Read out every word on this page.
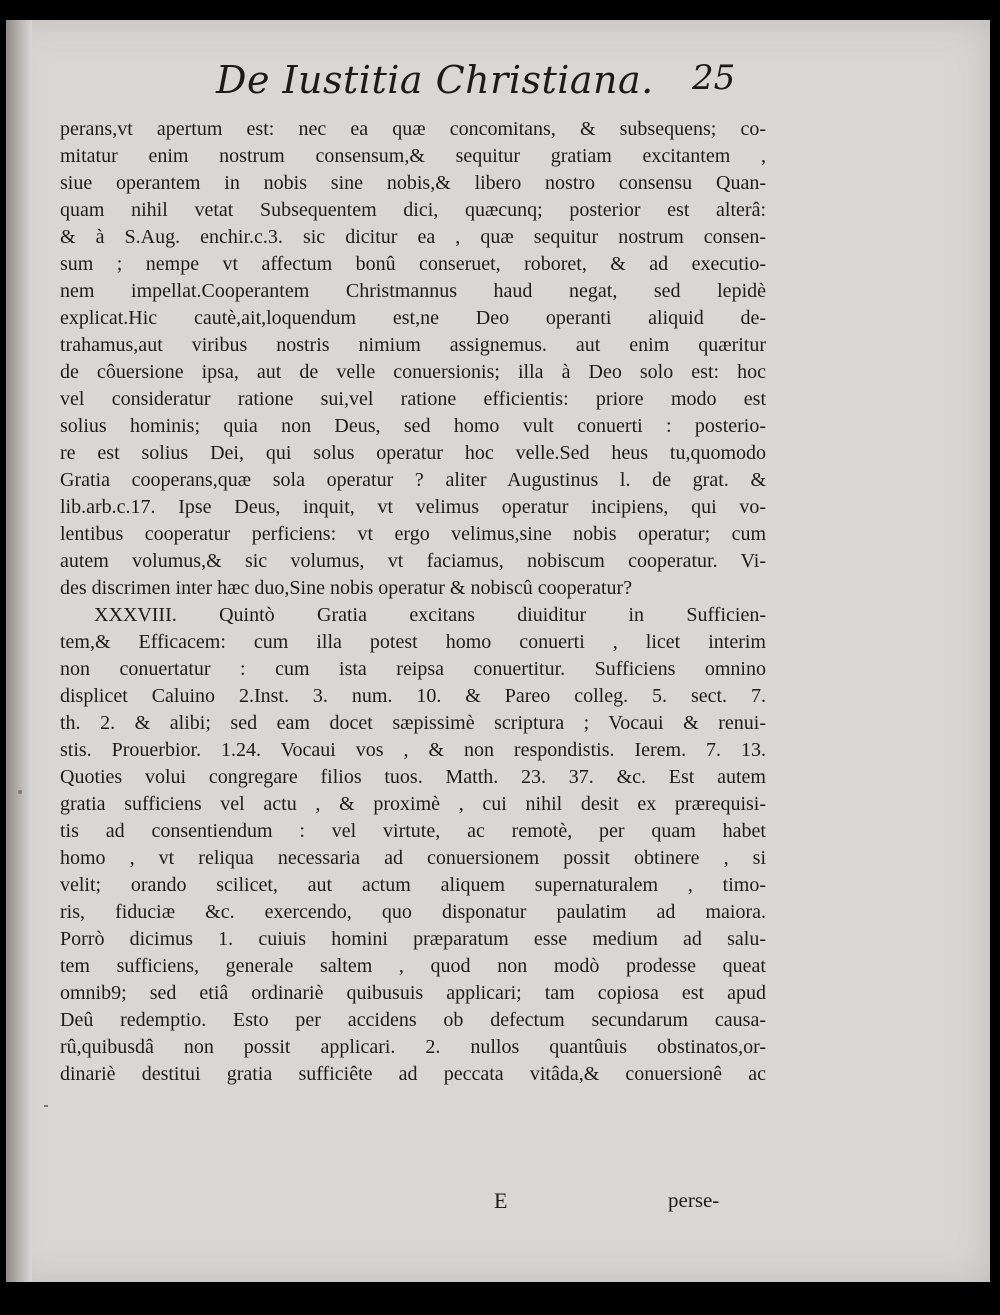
De Iustitia Christiana. 25
perans,vt apertum est: nec ea quæ concomitans, & subsequens; co-
mitatur enim nostrum consensum,& sequitur gratiam excitantem ,
siue operantem in nobis sine nobis,& libero nostro consensu Quan-
quam nihil vetat Subsequentem dici, quæcunq; posterior est alterâ:
& à S.Aug. enchir.c.3. sic dicitur ea , quæ sequitur nostrum consen-
sum ; nempe vt affectum bonû conseruet, roboret, & ad executio-
nem impellat.Cooperantem Christmannus haud negat, sed lepidè
explicat.Hic cautè,ait,loquendum est,ne Deo operanti aliquid de-
trahamus,aut viribus nostris nimium assignemus. aut enim quæritur
de côuersione ipsa, aut de velle conuersionis; illa à Deo solo est: hoc
vel consideratur ratione sui,vel ratione efficientis: priore modo est
solius hominis; quia non Deus, sed homo vult conuerti : posterio-
re est solius Dei, qui solus operatur hoc velle.Sed heus tu,quomodo
Gratia cooperans,quæ sola operatur ? aliter Augustinus l. de grat. &
lib.arb.c.17. Ipse Deus, inquit, vt velimus operatur incipiens, qui vo-
lentibus cooperatur perficiens: vt ergo velimus,sine nobis operatur; cum
autem volumus,& sic volumus, vt faciamus, nobiscum cooperatur. Vi-
des discrimen inter hæc duo,Sine nobis operatur & nobiscû cooperatur?
XXXVIII. Quintò Gratia excitans diuiditur in Sufficien-
tem,& Efficacem: cum illa potest homo conuerti , licet interim
non conuertatur : cum ista reipsa conuertitur. Sufficiens omnino
displicet Caluino 2.Inst. 3. num. 10. & Pareo colleg. 5. sect. 7.
th. 2. & alibi; sed eam docet sæpissimè scriptura ; Vocaui & renui-
stis. Prouerbior. 1.24. Vocaui vos , & non respondistis. Ierem. 7. 13.
Quoties volui congregare filios tuos. Matth. 23. 37. &c. Est autem
gratia sufficiens vel actu , & proximè , cui nihil desit ex prærequisi-
tis ad consentiendum : vel virtute, ac remotè, per quam habet
homo , vt reliqua necessaria ad conuersionem possit obtinere , si
velit; orando scilicet, aut actum aliquem supernaturalem , timo-
ris, fiduciæ &c. exercendo, quo disponatur paulatim ad maiora.
Porrò dicimus 1. cuiuis homini præparatum esse medium ad salu-
tem sufficiens, generale saltem , quod non modò prodesse queat
omnib9; sed etiâ ordinariè quibusuis applicari; tam copiosa est apud
Deû redemptio. Esto per accidens ob defectum secundarum causa-
rû,quibusdâ non possit applicari. 2. nullos quantûuis obstinatos,or-
dinariè destitui gratia sufficiête ad peccata vitâda,& conuersionê ac
E	perse-
